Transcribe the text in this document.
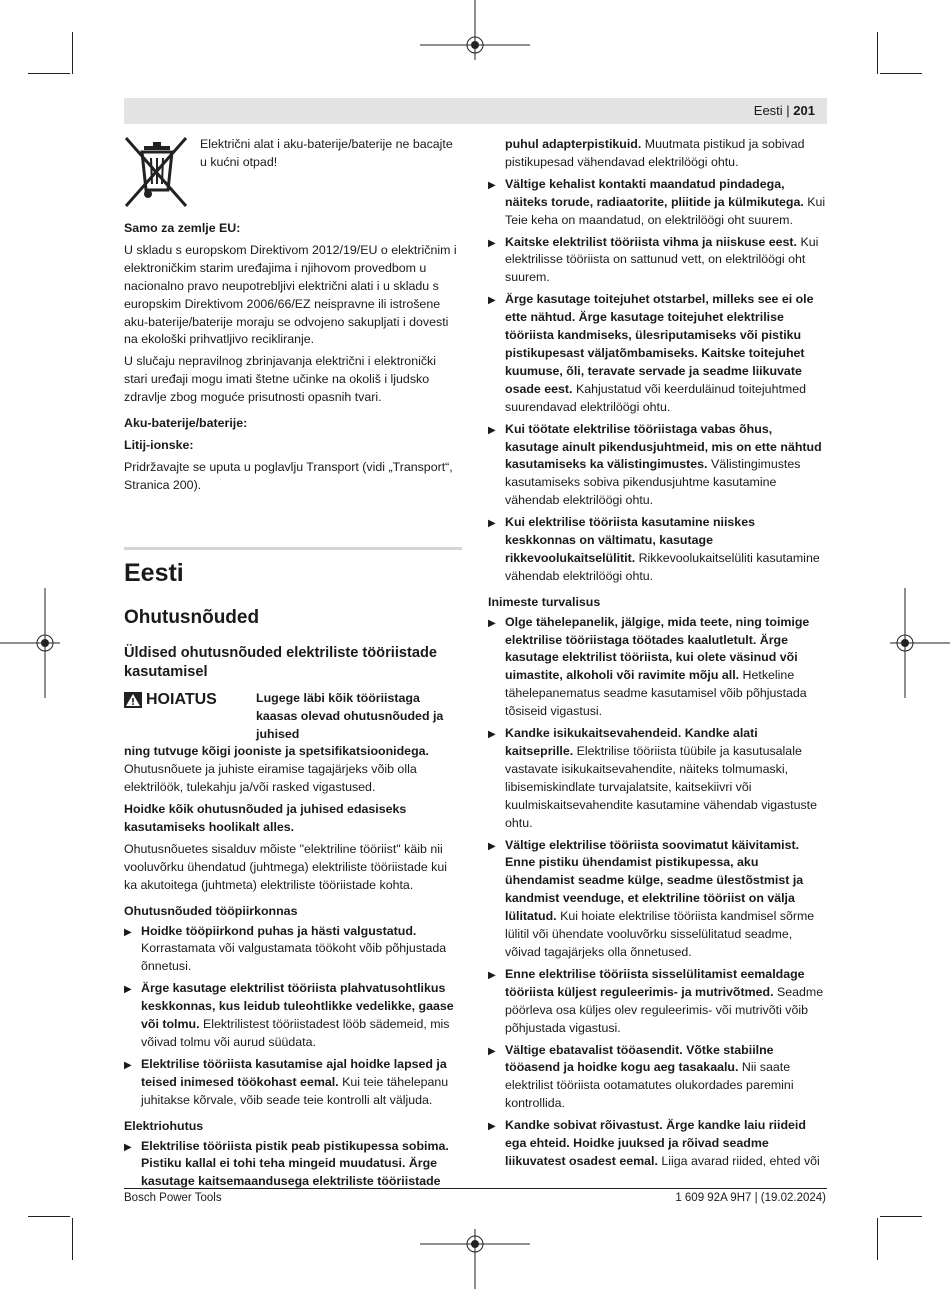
Eesti | 201

Električni alat i aku-baterije/baterije ne bacajte u kućni otpad!

Samo za zemlje EU:

U skladu s europskom Direktivom 2012/19/EU o električnim i elektroničkim starim uređajima i njihovom provedbom u nacionalno pravo neupotrebljivi električni alati i u skladu s europskim Direktivom 2006/66/EZ neispravne ili istrošene aku-baterije/baterije moraju se odvojeno sakupljati i dovesti na ekološki prihvatljivo recikliranje.

U slučaju nepravilnog zbrinjavanja električni i elektronički stari uređaji mogu imati štetne učinke na okoliš i ljudsko zdravlje zbog moguće prisutnosti opasnih tvari.

Aku-baterije/baterije:

Litij-ionske:

Pridržavajte se uputa u poglavlju Transport (vidi „Transport“, Stranica 200).

Eesti
Ohutusnõuded
Üldised ohutusnõuded elektriliste tööriistade kasutamisel
HOIATUS	Lugege läbi kõik tööriistaga kaasas olevad ohutusnõuded ja juhised

ning tutvuge kõigi jooniste ja spetsifikatsioonidega.

Ohutusnõuete ja juhiste eiramise tagajärjeks võib olla elektrilöök, tulekahju ja/või rasked vigastused.

Hoidke kõik ohutusnõuded ja juhised edasiseks kasutamiseks hoolikalt alles.

Ohutusnõuetes sisalduv mõiste "elektriline tööriist" käib nii vooluvõrku ühendatud (juhtmega) elektriliste tööriistade kui ka akutoitega (juhtmeta) elektriliste tööriistade kohta.

Ohutusnõuded tööpiirkonnas

▶ Hoidke tööpiirkond puhas ja hästi valgustatud. Korrastamata või valgustamata töökoht võib põhjustada õnnetusi.
▶ Ärge kasutage elektrilist tööriista plahvatusohtlikus keskkonnas, kus leidub tuleohtlikke vedelikke, gaase või tolmu. Elektrilistest tööriistadest lööb sädemeid, mis võivad tolmu või aurud süüdata.
▶ Elektrilise tööriista kasutamise ajal hoidke lapsed ja teised inimesed töökohast eemal. Kui teie tähelepanu juhitakse kõrvale, võib seade teie kontrolli alt väljuda.

Elektriohutus

▶ Elektrilise tööriista pistik peab pistikupessa sobima. Pistiku kallal ei tohi teha mingeid muudatusi. Ärge kasutage kaitsemaandusega elektriliste tööriistade

puhul adapterpistikuid. Muutmata pistikud ja sobivad pistikupesad vähendavad elektrilöögi ohtu.

▶ Vältige kehalist kontakti maandatud pindadega, näiteks torude, radiaatorite, pliitide ja külmikutega. Kui Teie keha on maandatud, on elektrilöögi oht suurem.
▶ Kaitske elektrilist tööriista vihma ja niiskuse eest. Kui elektrilisse tööriista on sattunud vett, on elektrilöögi oht suurem.
▶ Ärge kasutage toitejuhet otstarbel, milleks see ei ole ette nähtud. Ärge kasutage toitejuhet elektrilise tööriista kandmiseks, ülesriputamiseks või pistiku pistikupesast väljatõmbamiseks. Kaitske toitejuhet kuumuse, õli, teravate servade ja seadme liikuvate osade eest. Kahjustatud või keerduläinud toitejuhtmed suurendavad elektrilöögi ohtu.
▶ Kui töötate elektrilise tööriistaga vabas õhus, kasutage ainult pikendusjuhtmeid, mis on ette nähtud kasutamiseks ka välistingimustes. Välistingimustes kasutamiseks sobiva pikendusjuhtme kasutamine vähendab elektrilöögi ohtu.
▶ Kui elektrilise tööriista kasutamine niiskes keskkonnas on vältimatu, kasutage rikkevoolukaitselülitit. Rikkevoolukaitselüliti kasutamine vähendab elektrilöögi ohtu.

Inimeste turvalisus

▶ Olge tähelepanelik, jälgige, mida teete, ning toimige elektrilise tööriistaga töötades kaalutletult. Ärge kasutage elektrilist tööriista, kui olete väsinud või uimastite, alkoholi või ravimite mõju all. Hetkeline tähelepanematus seadme kasutamisel võib põhjustada tõsiseid vigastusi.
▶ Kandke isikukaitsevahendeid. Kandke alati kaitseprille. Elektrilise tööriista tüübile ja kasutusalale vastavate isikukaitsevahendite, näiteks tolmumaski, libisemiskindlate turvajalatsite, kaitsekiivri või kuulmiskaitsevahendite kasutamine vähendab vigastuste ohtu.
▶ Vältige elektrilise tööriista soovimatut käivitamist. Enne pistiku ühendamist pistikupessa, aku ühendamist seadme külge, seadme ülestõstmist ja kandmist veenduge, et elektriline tööriist on välja lülitatud. Kui hoiate elektrilise tööriista kandmisel sõrme lülitil või ühendate vooluvõrku sisselülitatud seadme, võivad tagajärjeks olla õnnetused.
▶ Enne elektrilise tööriista sisselülitamist eemaldage tööriista küljest reguleerimis- ja mutrivõtmed. Seadme pöörleva osa küljes olev reguleerimis- või mutrivõti võib põhjustada vigastusi.
▶ Vältige ebatavalist tööasendit. Võtke stabiilne tööasend ja hoidke kogu aeg tasakaalu. Nii saate elektrilist tööriista ootamatutes olukordades paremini kontrollida.
▶ Kandke sobivat rõivastust. Ärge kandke laiu riideid ega ehteid. Hoidke juuksed ja rõivad seadme liikuvatest osadest eemal. Liiga avarad riided, ehted või
Bosch Power Tools	1 609 92A 9H7 | (19.02.2024)
